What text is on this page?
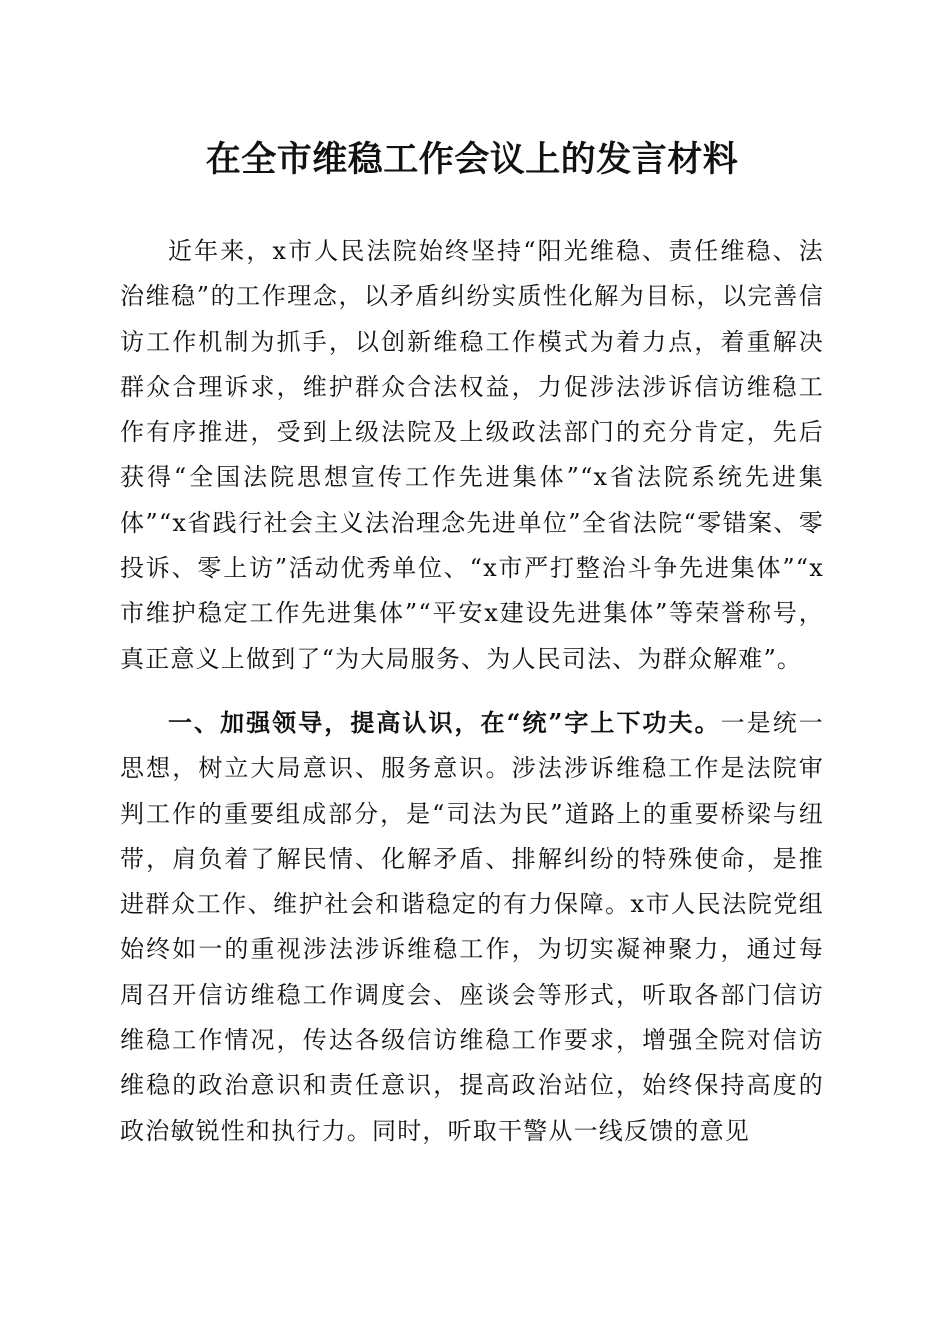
在全市维稳工作会议上的发言材料

近年来，x市人民法院始终坚持“阳光维稳、责任维稳、法治维稳”的工作理念，以矛盾纠纷实质性化解为目标，以完善信访工作机制为抓手，以创新维稳工作模式为着力点，着重解决群众合理诉求，维护群众合法权益，力促涉法涉诉信访维稳工作有序推进，受到上级法院及上级政法部门的充分肯定，先后获得“全国法院思想宣传工作先进集体”“x省法院系统先进集体”“x省践行社会主义法治理念先进单位”全省法院“零错案、零投诉、零上访”活动优秀单位、“x市严打整治斗争先进集体”“x市维护稳定工作先进集体”“平安x建设先进集体”等荣誉称号，真正意义上做到了“为大局服务、为人民司法、为群众解难”。

一、加强领导，提高认识，在“统”字上下功夫。一是统一思想，树立大局意识、服务意识。涉法涉诉维稳工作是法院审判工作的重要组成部分，是“司法为民”道路上的重要桥梁与纽带，肩负着了解民情、化解矛盾、排解纠纷的特殊使命，是推进群众工作、维护社会和谐稳定的有力保障。x市人民法院党组始终如一的重视涉法涉诉维稳工作，为切实凝神聚力，通过每周召开信访维稳工作调度会、座谈会等形式，听取各部门信访维稳工作情况，传达各级信访维稳工作要求，增强全院对信访维稳的政治意识和责任意识，提高政治站位，始终保持高度的政治敏锐性和执行力。同时，听取干警从一线反馈的意见
